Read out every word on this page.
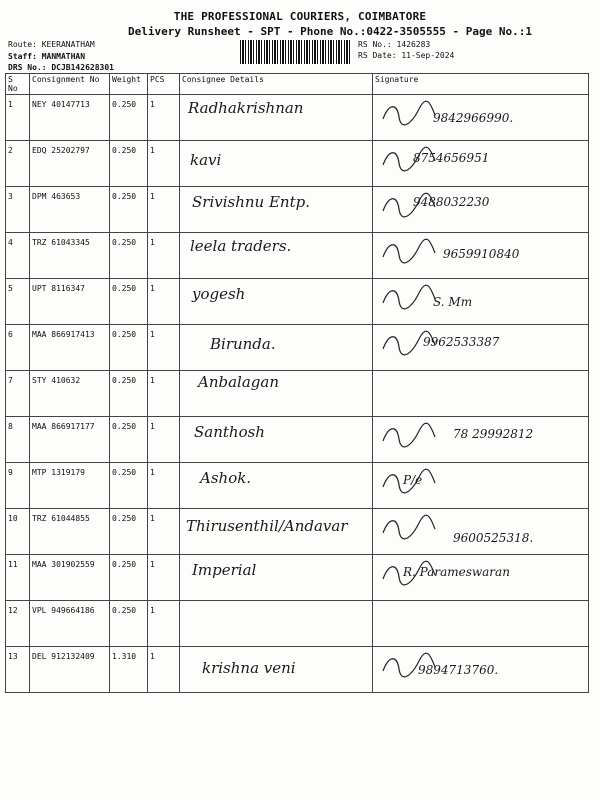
THE PROFESSIONAL COURIERS, COIMBATORE
Delivery Runsheet - SPT - Phone No.:0422-3505555 - Page No.:1
Route: KEERANATHAM
Staff: MANMATHAN
DRS No.: DCJB142628301
RS No.: 1426283
RS Date: 11-Sep-2024
S No	Consignment No	Weight	PCS	Consignee Details	Signature
1	NEY 40147713	0.250	1	Radhakrishnan	9842966990.

2	EDQ 25202797	0.250	1	kavi	8754656951

3	DPM 463653	0.250	1	Srivishnu Entp.	9488032230

4	TRZ 61043345	0.250	1	leela traders.	9659910840

5	UPT 8116347	0.250	1	yogesh	S. Mm

6	MAA 866917413	0.250	1	Birunda.	9962533387

7	STY 410632	0.250	1	Anbalagan	

8	MAA 866917177	0.250	1	Santhosh	78 29992812

9	MTP 1319179	0.250	1	Ashok.	P/e

10	TRZ 61044855	0.250	1	Thirusenthil/Andavar	9600525318.

11	MAA 301902559	0.250	1	Imperial	R. Parameswaran

12	VPL 949664186	0.250	1	

13	DEL 912132409	1.310	1	krishna veni	9894713760.
